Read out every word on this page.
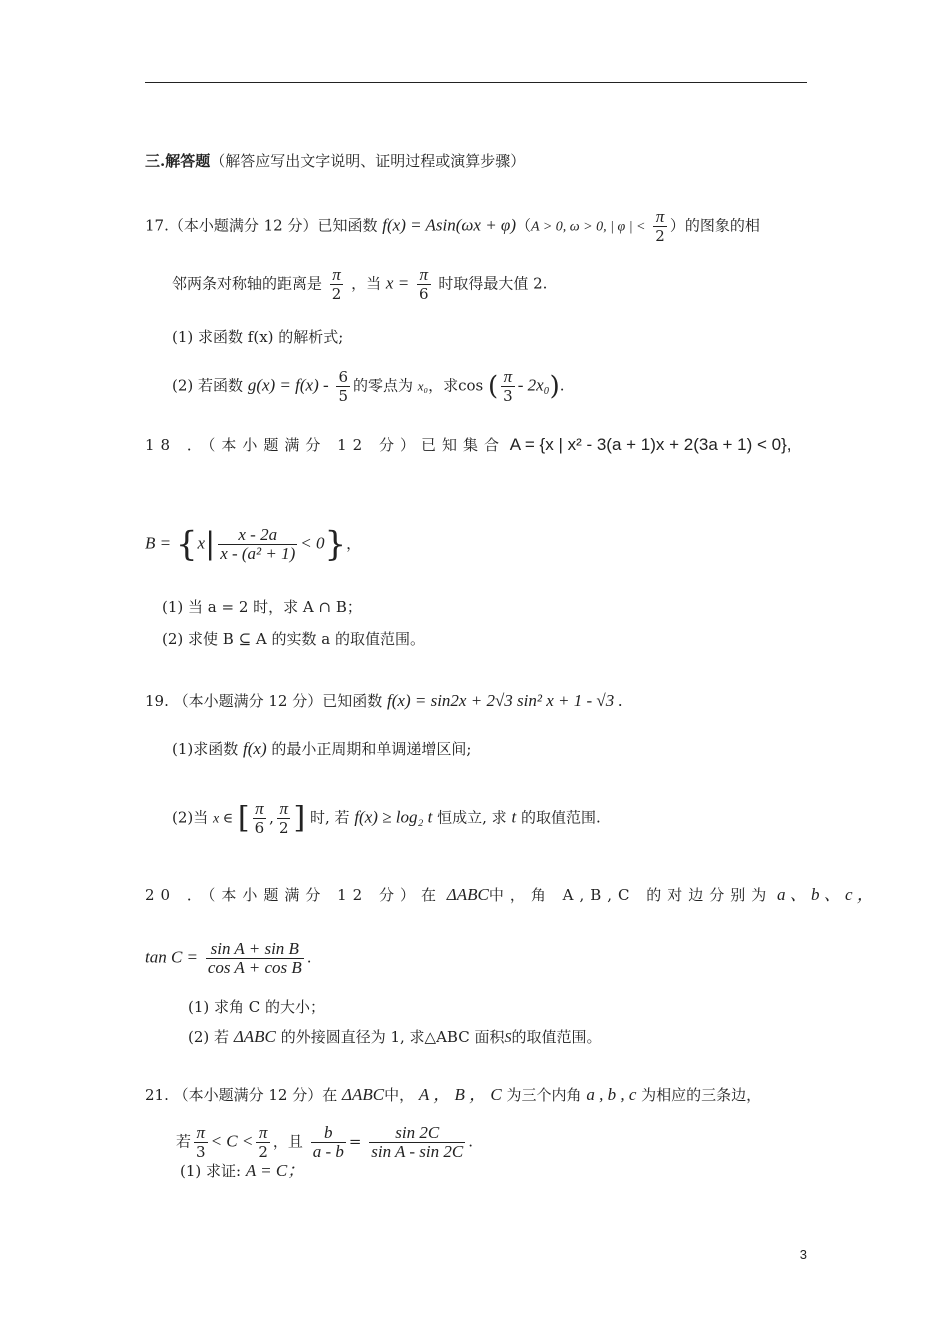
三.解答题（解答应写出文字说明、证明过程或演算步骤）
17.（本小题满分 12 分）已知函数 f(x) = Asin(ωx + φ)（A > 0, ω > 0, | φ | < $\frac{\pi}{2}$ ）的图象的相
邻两条对称轴的距离是 $\frac{\pi}{2}$ ，当 $x = \frac{\pi}{6}$ 时取得最大值 2.
(1) 求函数 f(x) 的解析式;
(2) 若函数 $g(x) = f(x) - \frac{6}{5}$ 的零点为 x₀，求cos ( $\frac{\pi}{3} - 2x_0$).
18 ．（本小题满分 12 分）已知集合 A = {x | x² - 3(a + 1)x + 2(3a + 1) < 0},
$B = \{x| \frac{x - 2a}{\text{x - (a² + 1)}} < 0\}$，
(1) 当 a = 2 时，求 A ∩ B；
(2) 求使 B ⊆ A 的实数 a 的取值范围。
19. （本小题满分 12 分）已知函数 f(x) = sin2x + 2√3 sin² x + 1 - √3 .
(1)求函数 f(x) 的最小正周期和单调递增区间;
(2)当 x ∈ [ $\frac{\pi}{6}$ , $\frac{\pi}{2}$ ] 时, 若 f(x) ≥ log₂ t 恒成立, 求 t 的取值范围.
20 ．（本小题满分 12 分）在 ΔABC中，角 A,B,C 的对边分别为 a 、 b 、 c ，
$\tan C = \frac{\text{sin A + sin B}}{\text{cos A + cos B}}$ .
(1) 求角 C 的大小；
(2) 若 ΔABC 的外接圆直径为 1, 求△ABC 面积S的取值范围。
21. （本小题满分 12 分）在 ΔABC中， A ， B ， C 为三个内角 a , b , c 为相应的三条边，
若 $\frac{\pi}{3} < C < \frac{\pi}{2}$ ，且 $\frac{b}{a - b} = \frac{\sin 2C}{\text{sin A - sin 2C}}$ .
(1) 求证: A = C；
3
